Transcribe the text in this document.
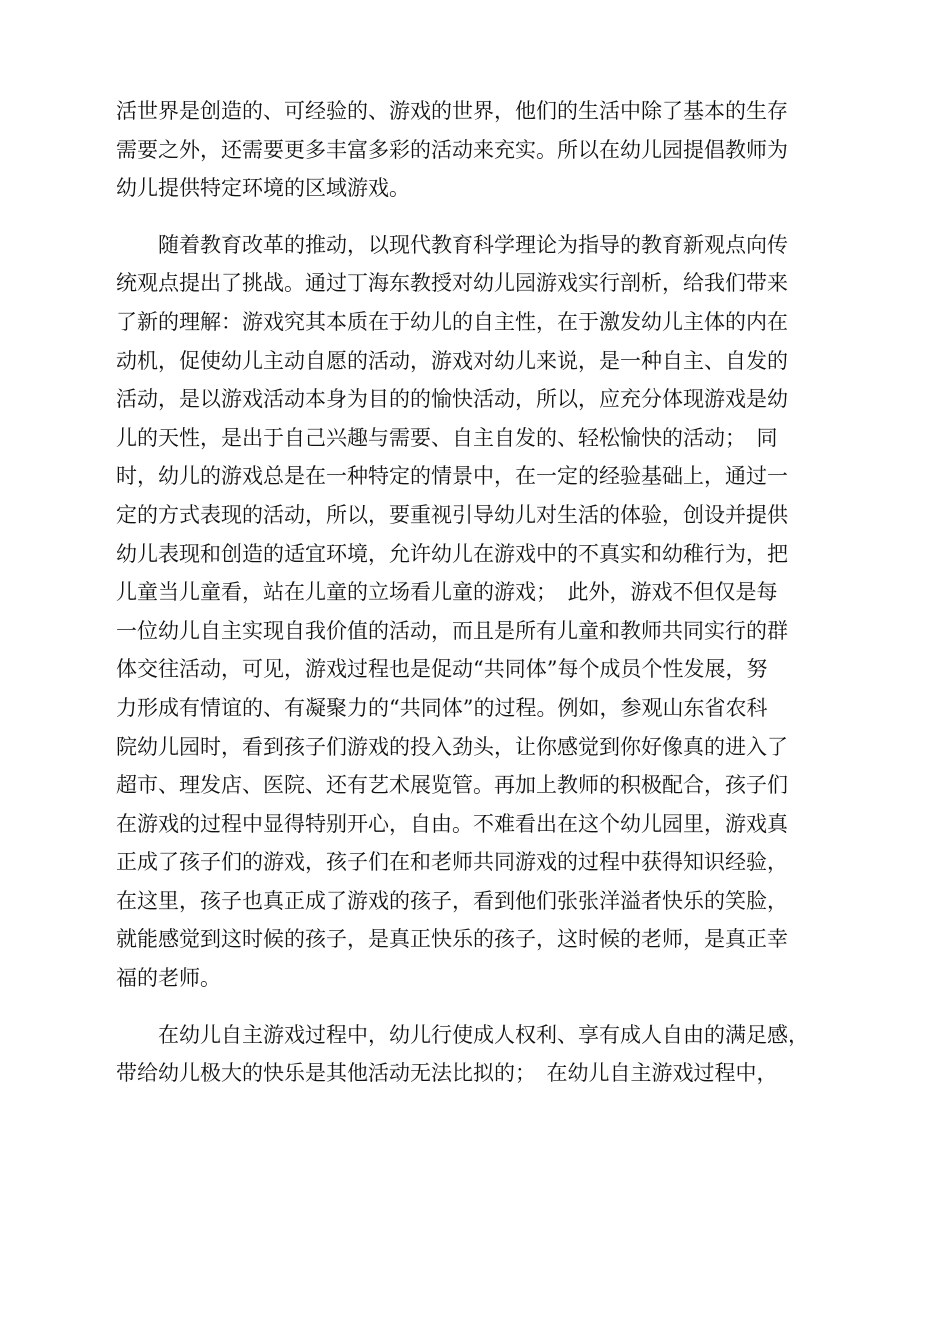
活世界是创造的、可经验的、游戏的世界，他们的生活中除了基本的生存
需要之外，还需要更多丰富多彩的活动来充实。所以在幼儿园提倡教师为
幼儿提供特定环境的区域游戏。
随着教育改革的推动，以现代教育科学理论为指导的教育新观点向传
统观点提出了挑战。通过丁海东教授对幼儿园游戏实行剖析，给我们带来
了新的理解：游戏究其本质在于幼儿的自主性，在于激发幼儿主体的内在
动机，促使幼儿主动自愿的活动，游戏对幼儿来说，是一种自主、自发的
活动，是以游戏活动本身为目的的愉快活动，所以，应充分体现游戏是幼
儿的天性，是出于自己兴趣与需要、自主自发的、轻松愉快的活动；　同
时，幼儿的游戏总是在一种特定的情景中，在一定的经验基础上，通过一
定的方式表现的活动，所以，要重视引导幼儿对生活的体验，创设并提供
幼儿表现和创造的适宜环境，允许幼儿在游戏中的不真实和幼稚行为，把
儿童当儿童看，站在儿童的立场看儿童的游戏；　此外，游戏不但仅是每
一位幼儿自主实现自我价值的活动，而且是所有儿童和教师共同实行的群
体交往活动，可见，游戏过程也是促动“共同体”每个成员个性发展，努
力形成有情谊的、有凝聚力的“共同体”的过程。例如，参观山东省农科
院幼儿园时，看到孩子们游戏的投入劲头，让你感觉到你好像真的进入了
超市、理发店、医院、还有艺术展览管。再加上教师的积极配合，孩子们
在游戏的过程中显得特别开心，自由。不难看出在这个幼儿园里，游戏真
正成了孩子们的游戏，孩子们在和老师共同游戏的过程中获得知识经验，
在这里，孩子也真正成了游戏的孩子，看到他们张张洋溢者快乐的笑脸，
就能感觉到这时候的孩子，是真正快乐的孩子，这时候的老师，是真正幸
福的老师。
在幼儿自主游戏过程中，幼儿行使成人权利、享有成人自由的满足感，
带给幼儿极大的快乐是其他活动无法比拟的；　在幼儿自主游戏过程中，
